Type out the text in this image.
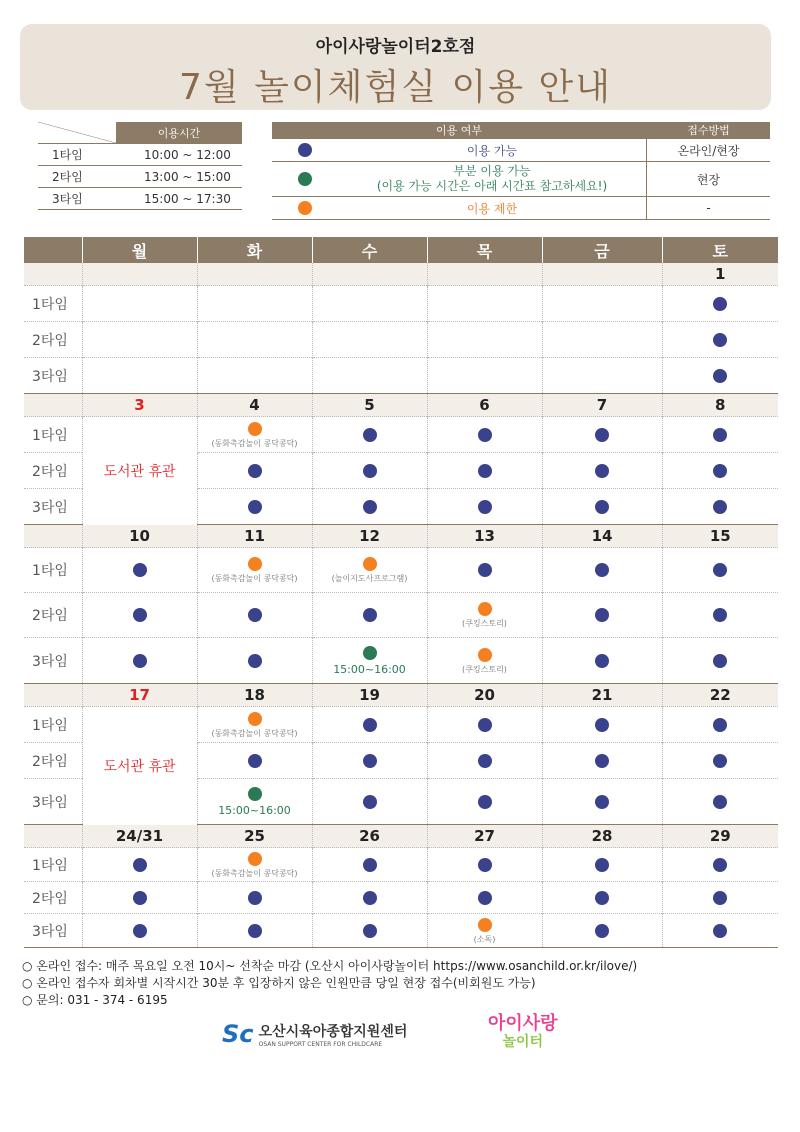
아이사랑놀이터2호점
7월 놀이체험실 이용 안내
	이용시간
1타임	10:00 ~ 12:00
2타임	13:00 ~ 15:00
3타임	15:00 ~ 17:30
이용 여부		접수방법
	이용 가능	온라인/현장
	부분 이용 가능
(이용 가능 시간은 아래 시간표 참고하세요!)	현장
	이용 제한	-
	월	화	수	목	금	토
						1
1타임						
2타임						
3타임						
	3	4	5	6	7	8
1타임	도서관 휴관	(동화촉감놀이 콩닥콩닥)				

2타임						
3타임						
	10	11	12	13	14	15
1타임		(동화촉감놀이 콩닥콩닥)	(놀이지도사프로그램)			

2타임				(쿠킹스토리)		

3타임			15:00~16:00	(쿠킹스토리)		

	17	18	19	20	21	22
1타임	도서관 휴관	(동화촉감놀이 콩닥콩닥)				

2타임						
3타임		15:00~16:00				

	24/31	25	26	27	28	29
1타임		(동화촉감놀이 콩닥콩닥)				

2타임						
3타임				(소독)		

○ 온라인 접수: 매주 목요일 오전 10시~ 선착순 마감 (오산시 아이사랑놀이터 https://www.osanchild.or.kr/ilove/)
○ 온라인 접수자 회차별 시작시간 30분 후 입장하지 않은 인원만큼 당일 현장 접수(비회원도 가능)
○ 문의: 031 - 374 - 6195
Sc 오산시육아종합지원센터
OSAN SUPPORT CENTER FOR CHILDCARE
아이사랑
놀이터
